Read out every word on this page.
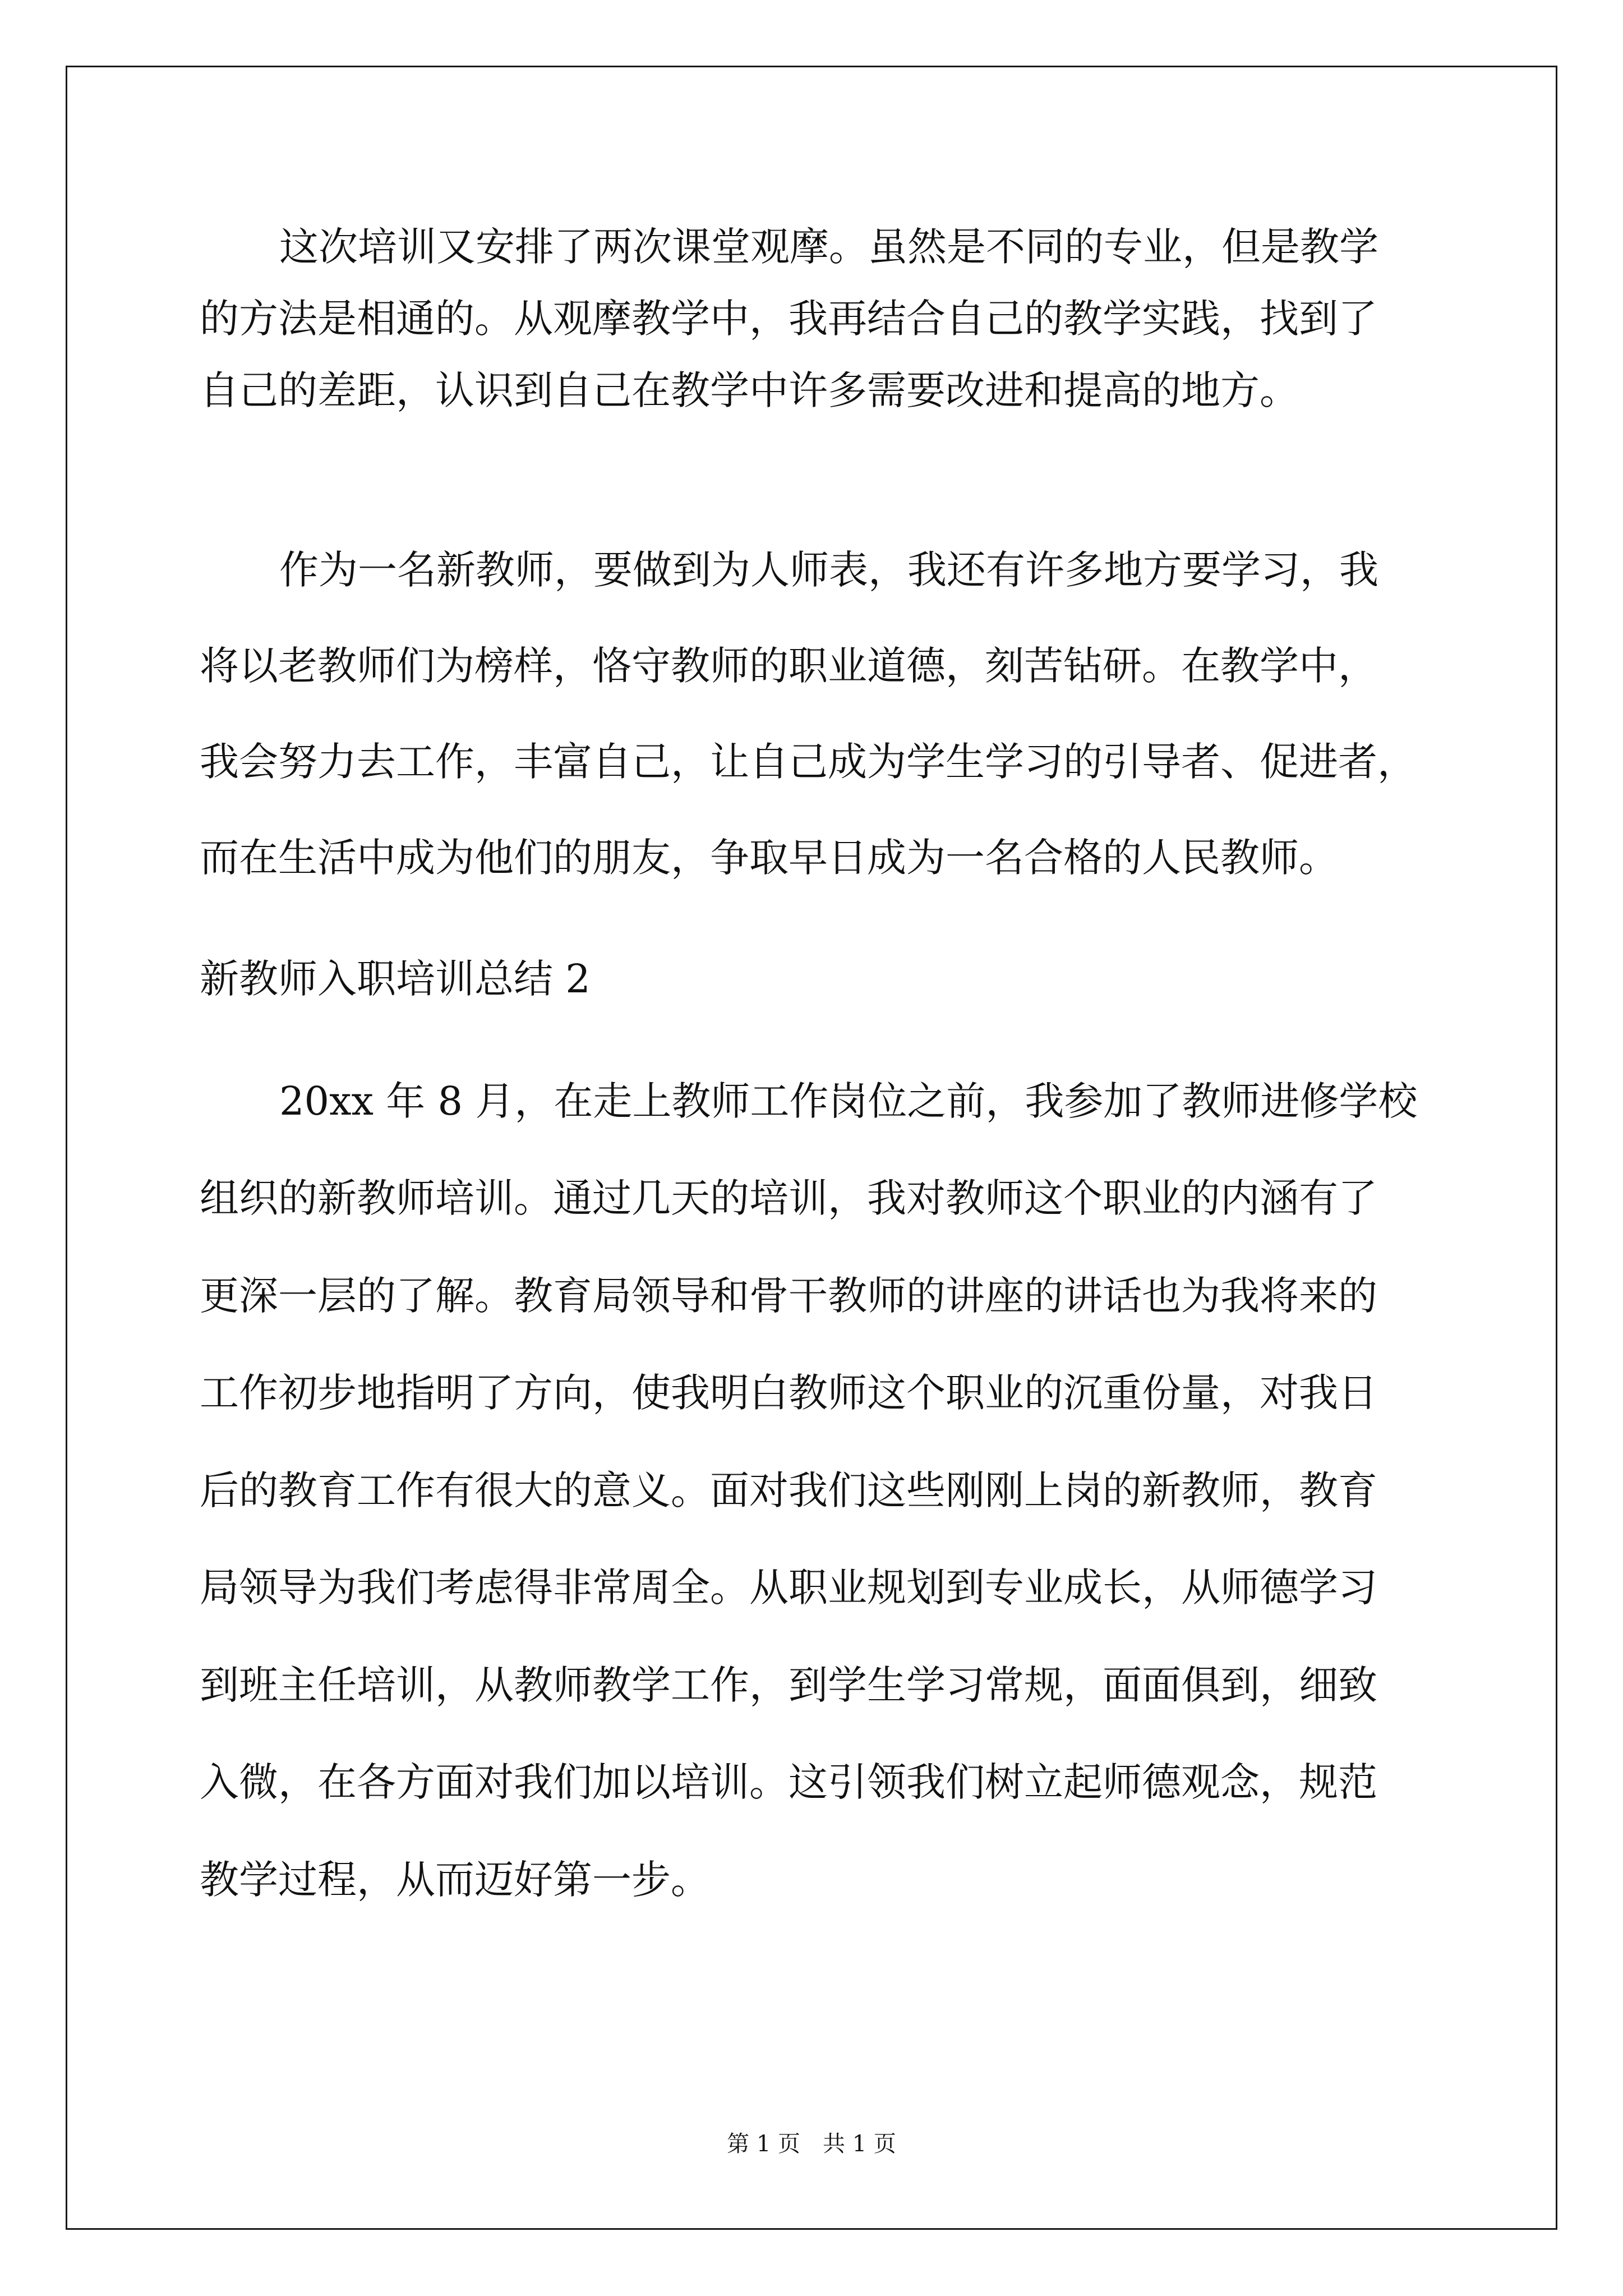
这次培训又安排了两次课堂观摩。虽然是不同的专业，但是教学

的方法是相通的。从观摩教学中，我再结合自己的教学实践，找到了

自己的差距，认识到自己在教学中许多需要改进和提高的地方。

作为一名新教师，要做到为人师表，我还有许多地方要学习，我

将以老教师们为榜样，恪守教师的职业道德，刻苦钻研。在教学中，

我会努力去工作，丰富自己，让自己成为学生学习的引导者、促进者，

而在生活中成为他们的朋友，争取早日成为一名合格的人民教师。

新教师入职培训总结 2

20xx 年 8 月，在走上教师工作岗位之前，我参加了教师进修学校

组织的新教师培训。通过几天的培训，我对教师这个职业的内涵有了

更深一层的了解。教育局领导和骨干教师的讲座的讲话也为我将来的

工作初步地指明了方向，使我明白教师这个职业的沉重份量，对我日

后的教育工作有很大的意义。面对我们这些刚刚上岗的新教师，教育

局领导为我们考虑得非常周全。从职业规划到专业成长，从师德学习

到班主任培训，从教师教学工作，到学生学习常规，面面俱到，细致

入微，在各方面对我们加以培训。这引领我们树立起师德观念，规范

教学过程，从而迈好第一步。

第 1 页　共 1 页
